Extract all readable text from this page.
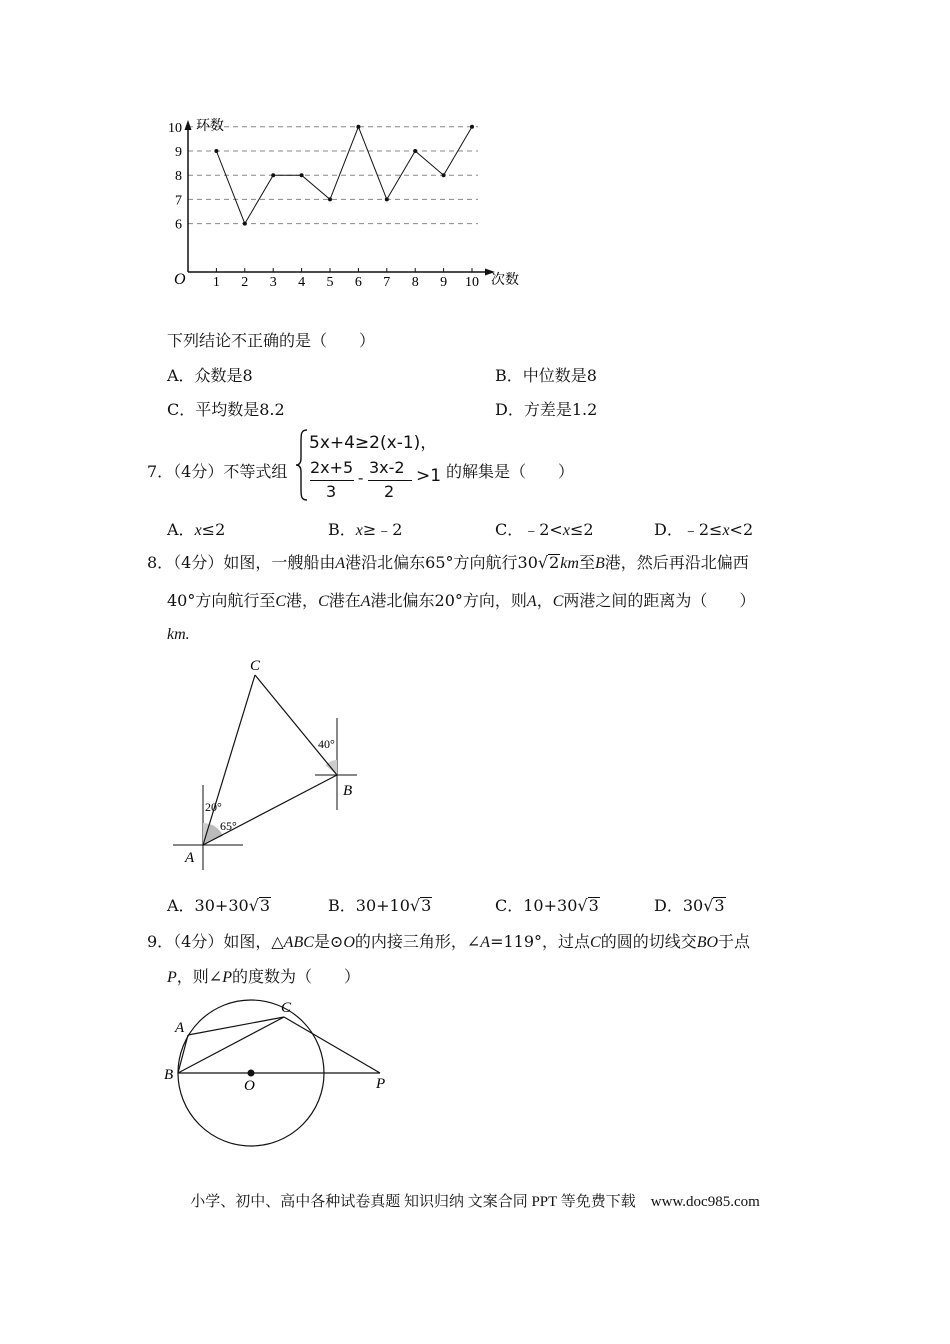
环数
次数
O
6
7
8
9
10
1 2 3 4 5 6 7 8 9 10
下列结论不正确的是（　　）
A．众数是8	B．中位数是8
C．平均数是8.2	D．方差是1.2
7．（4分）不等式组
5x+4≥2(x-1)，
2x+5
3
-
3x-2
2
>1 的解集是（　　）
A．x≤2	B．x≥﹣2	C．﹣2<x≤2	D．﹣2≤x<2
8．（4分）如图，一艘船由A港沿北偏东65°方向航行30√2km至B港，然后再沿北偏西
40°方向航行至C港，C港在A港北偏东20°方向，则A，C两港之间的距离为（　　）
km.
C
B
A
40°
20°
65°
A．30+30√3	B．30+10√3	C．10+30√3	D．30√3
9．（4分）如图，△ABC是⊙O的内接三角形，∠A=119°，过点C的圆的切线交BO于点
P，则∠P的度数为（　　）
A
B
C
O	P
小学、初中、高中各种试卷真题 知识归纳 文案合同 PPT 等免费下载　www.doc985.com
